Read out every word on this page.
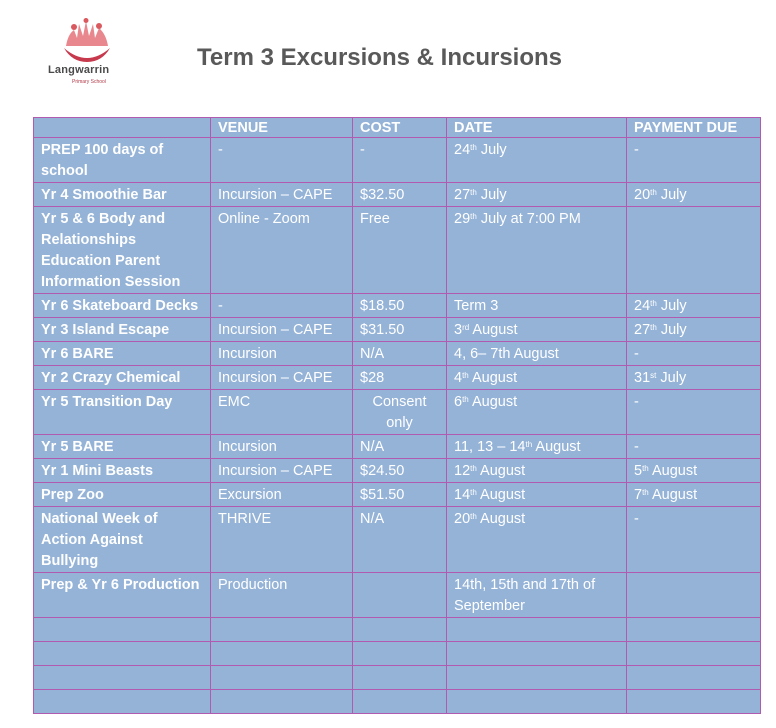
Langwarrin
Primary School
Term 3 Excursions & Incursions
	VENUE	COST	DATE	PAYMENT DUE
PREP 100 days of school	-	-	24th July	-
Yr 4 Smoothie Bar	Incursion – CAPE	$32.50	27th July	20th July
Yr 5 & 6 Body and Relationships Education Parent Information Session	Online - Zoom	Free	29th July at 7:00 PM	
Yr 6 Skateboard Decks	-	$18.50	Term 3	24th July
Yr 3 Island Escape	Incursion – CAPE	$31.50	3rd August	27th July
Yr 6 BARE	Incursion	N/A	4, 6– 7th August	-
Yr 2 Crazy Chemical	Incursion – CAPE	$28	4th August	31st July
Yr 5 Transition Day	EMC	Consent only	6th August	-
Yr 5 BARE	Incursion	N/A	11, 13 – 14th August	-
Yr 1 Mini Beasts	Incursion – CAPE	$24.50	12th August	5th August
Prep Zoo	Excursion	$51.50	14th August	7th August
National Week of Action Against Bullying	THRIVE	N/A	20th August	-
Prep & Yr 6 Production	Production		14th, 15th and 17th of September	
